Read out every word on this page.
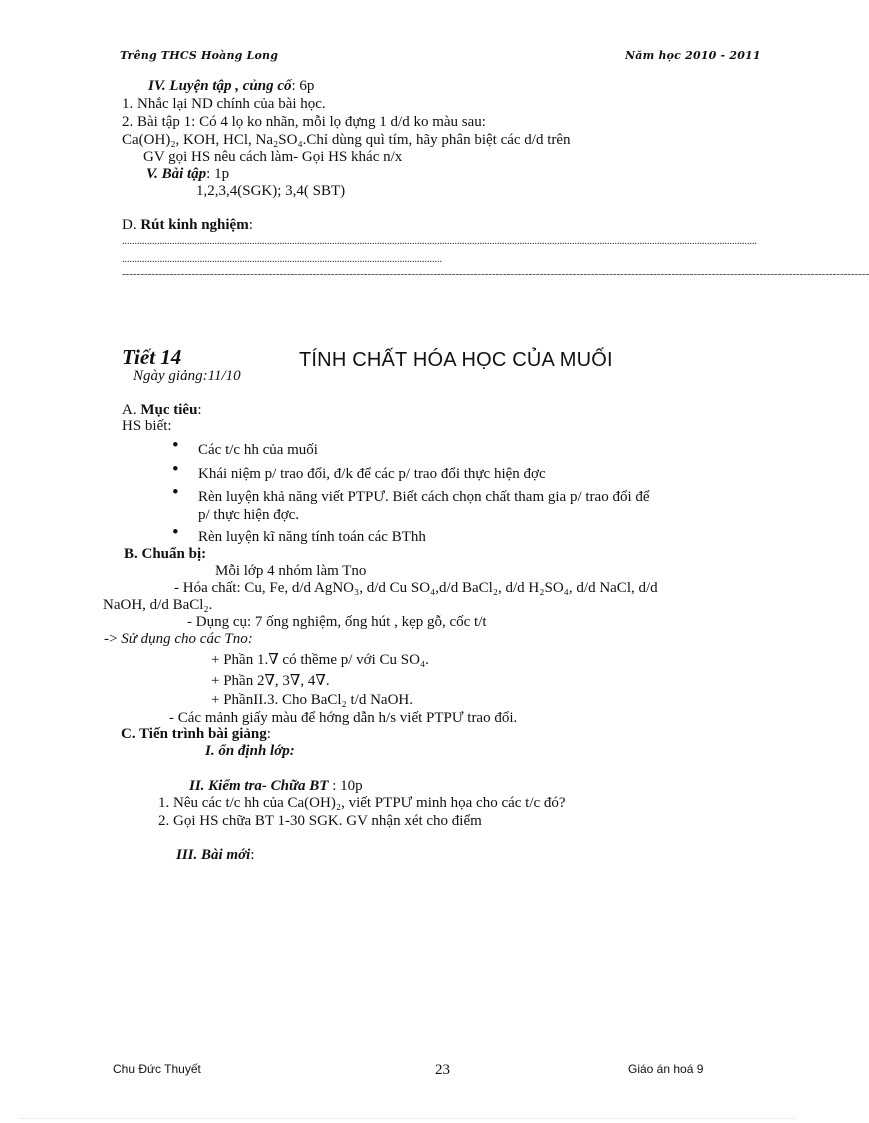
Trêng THCS Hoàng Long	Năm học 2010 - 2011
IV. Luyện tập , củng cố: 6p
1. Nhắc lại ND chính của bài học.
2. Bài tập 1: Có 4 lọ ko nhãn, mỗi lọ đựng 1 d/d ko màu sau:
Ca(OH)₂, KOH, HCl, Na₂SO₄.Chỉ dùng quì tím, hãy phân biệt các d/d trên
GV gọi HS nêu cách làm- Gọi HS khác n/x
V. Bài tập: 1p
1,2,3,4(SGK); 3,4( SBT)
D. Rút kinh nghiệm:
..............................................................................................................................................................................................................................................................
................................................................................................................................
------------------------------------------------------------------------------------------------------------------------------------------------------------------------------------------------------------
Tiết 14
Ngày giảng:11/10
TÍNH CHẤT HÓA HỌC CỦA MUỐI
A. Mục tiêu:
HS biết:
• Các t/c hh của muối
• Khái niệm p/ trao đổi, đ/k để các p/ trao đổi thực hiện đợc
• Rèn luyện khả năng viết PTPƯ. Biết cách chọn chất tham gia p/ trao đổi để
p/ thực hiện đợc.
• Rèn luyện kĩ năng tính toán các BThh
B. Chuẩn bị:
Mỗi lớp 4 nhóm làm Tno
- Hóa chất: Cu, Fe, d/d AgNO₃, d/d Cu SO₄,d/d BaCl₂, d/d H₂SO₄, d/d NaCl, d/d
NaOH, d/d BaCl₂.
- Dụng cụ: 7 ống nghiệm, ống hút , kẹp gỗ, cốc t/t
-> Sử dụng cho các Tno:
+ Phần 1.∇ có thềme p/ với Cu SO₄.
+ Phần 2∇, 3∇, 4∇.
+ PhầnII.3. Cho BaCl₂ t/d NaOH.
- Các mảnh giấy màu để hớng dẫn h/s viết PTPƯ trao đổi.
C. Tiến trình bài giảng:
I. ổn định lớp:
II. Kiểm tra- Chữa BT : 10p
1. Nêu các t/c hh của Ca(OH)₂, viết PTPƯ minh họa cho các t/c đó?
2. Gọi HS chữa BT 1-30 SGK. GV nhận xét cho điểm
III. Bài mới:
Chu Đức Thuyết	23	Giáo án hoá 9
